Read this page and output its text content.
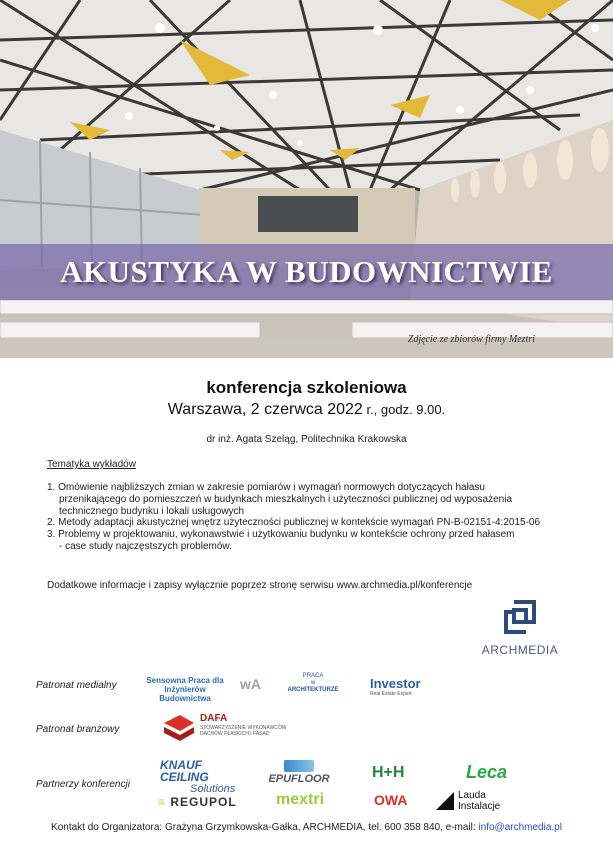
AKUSTYKA W BUDOWNICTWIE
Zdjęcie ze zbiorów firmy Meztri
konferencja szkoleniowa
Warszawa, 2 czerwca 2022 r., godz. 9.00.
dr inż. Agata Szeląg, Politechnika Krakowska
Tematyka wykładów
1. Omówienie najbliższych zmian w zakresie pomiarów i wymagań normowych dotyczących hałasu
przenikającego do pomieszczeń w budynkach mieszkalnych i użyteczności publicznej od wyposażenia
technicznego budynku i lokali usługowych
2. Metody adaptacji akustycznej wnętrz użyteczności publicznej w kontekście wymagań PN-B-02151-4:2015-06
3. Problemy w projektowaniu, wykonawstwie i użytkowaniu budynku w kontekście ochrony przed hałasem
- case study najczęstszych problemów.
Dodatkowe informacje i zapisy wyłącznie poprzez stronę serwisu www.archmedia.pl/konferencje
ARCHMEDIA
Patronat medialny	Sensowna Praca dla
Inżynierów Budownictwa
wA	PRACA
w
ARCHITEKTURZE Investor
Real Estate Expert
Patronat branżowy
DAFA
STOWARZYSZENIE WYKONAWCÓW
DACHÓW PŁASKICH I FASAD
Partnerzy konferencji
KNAUF CEILING
Solutions
EPUFLOOR	H+H	Leca
≡ REGUPOL mextri	OWA	Lauda
Instalacje
Kontakt do Organizatora: Grażyna Grzymkowska-Gałka, ARCHMEDIA, tel. 600 358 840, e-mail: info@archmedia.pl
